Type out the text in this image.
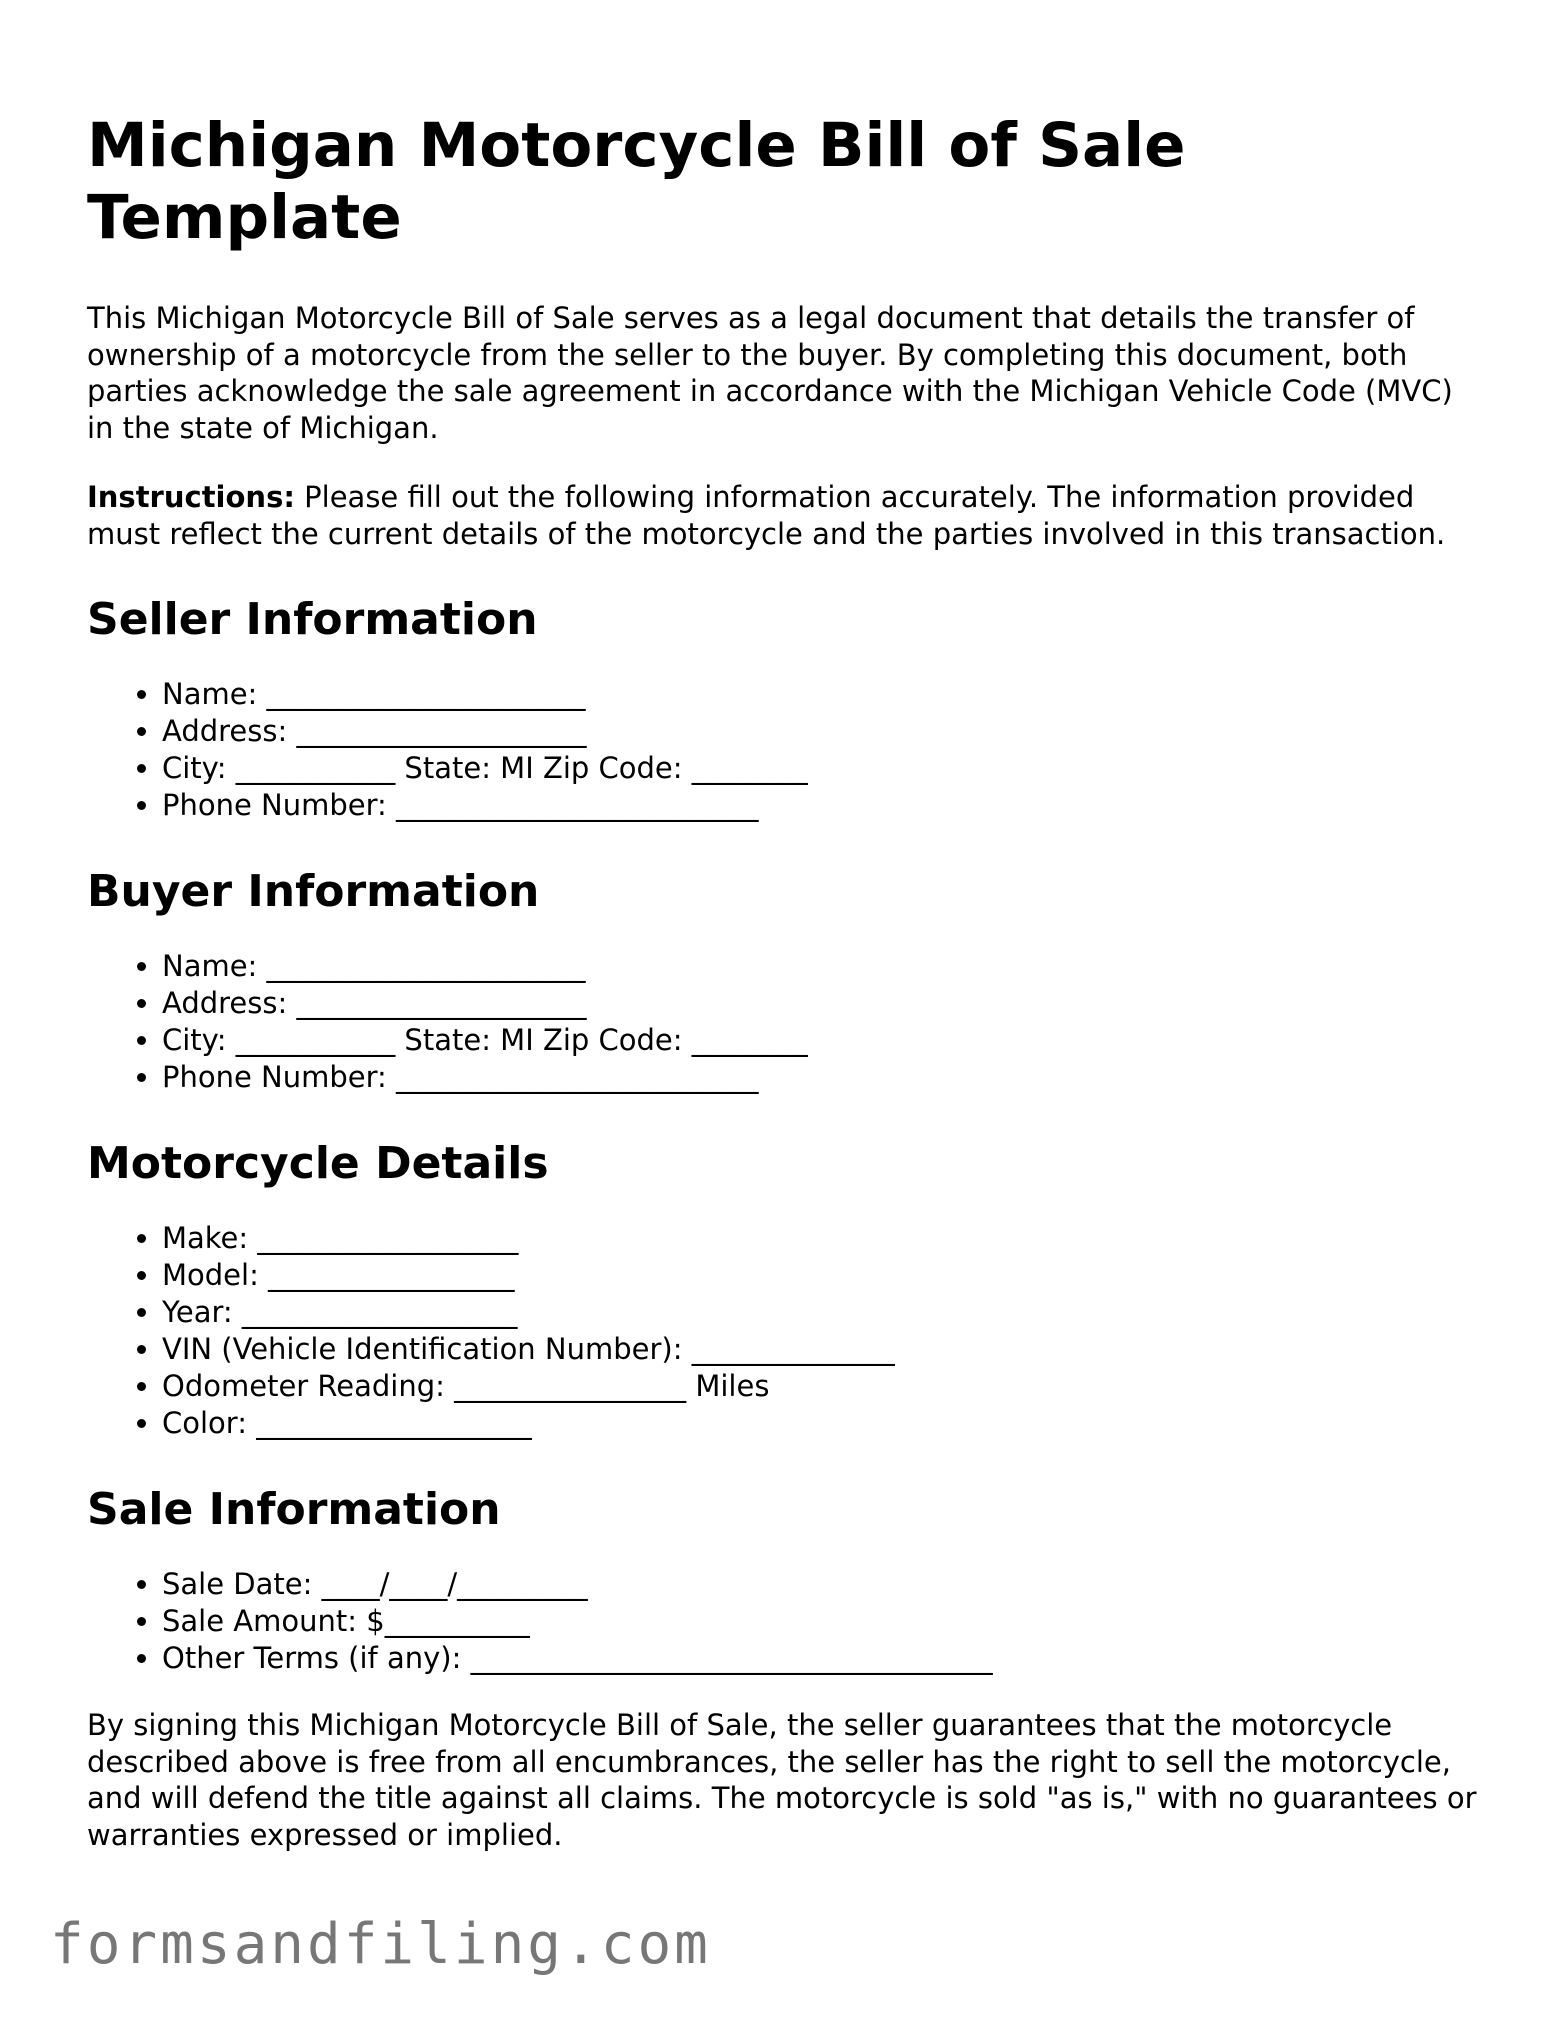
Michigan Motorcycle Bill of Sale Template

This Michigan Motorcycle Bill of Sale serves as a legal document that details the transfer of ownership of a motorcycle from the seller to the buyer. By completing this document, both parties acknowledge the sale agreement in accordance with the Michigan Vehicle Code (MVC) in the state of Michigan.

Instructions: Please fill out the following information accurately. The information provided must reflect the current details of the motorcycle and the parties involved in this transaction.

Seller Information
• Name: ______________________
• Address: ____________________
• City: ___________ State: MI Zip Code: ________
• Phone Number: _________________________
Buyer Information
• Name: ______________________
• Address: ____________________
• City: ___________ State: MI Zip Code: ________
• Phone Number: _________________________
Motorcycle Details
• Make: __________________
• Model: _________________
• Year: ___________________
• VIN (Vehicle Identification Number): ______________
• Odometer Reading: ________________ Miles
• Color: ___________________
Sale Information
• Sale Date: ____/____/_________
• Sale Amount: $__________
• Other Terms (if any): ____________________________________

By signing this Michigan Motorcycle Bill of Sale, the seller guarantees that the motorcycle described above is free from all encumbrances, the seller has the right to sell the motorcycle, and will defend the title against all claims. The motorcycle is sold "as is," with no guarantees or warranties expressed or implied.

formsandfiling.com
